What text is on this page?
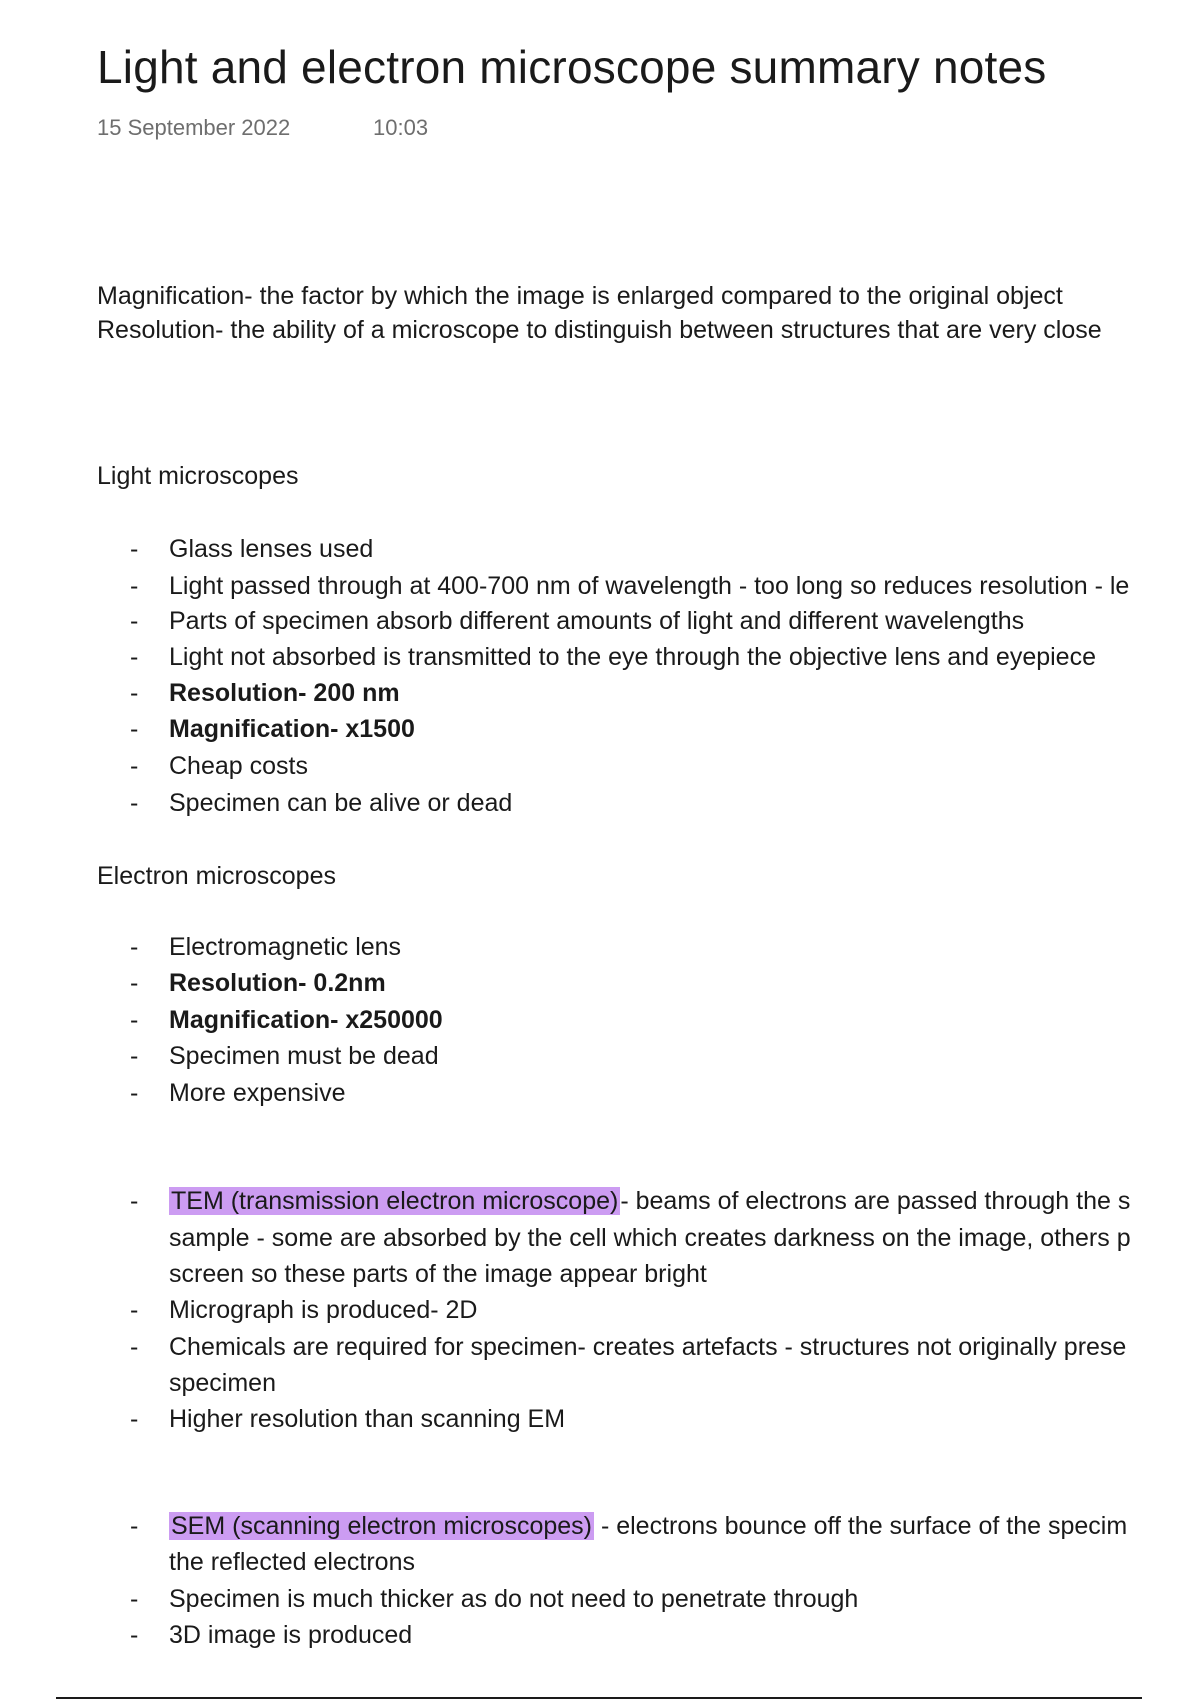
Light and electron microscope summary notes
15 September 2022	10:03
Magnification- the factor by which the image is enlarged compared to the original object
Resolution- the ability of a microscope to distinguish between structures that are very close
Light microscopes
- Glass lenses used
- Light passed through at 400-700 nm of wavelength - too long so reduces resolution - le
- Parts of specimen absorb different amounts of light and different wavelengths
- Light not absorbed is transmitted to the eye through the objective lens and eyepiece
- Resolution- 200 nm
- Magnification- x1500
- Cheap costs
- Specimen can be alive or dead
Electron microscopes
- Electromagnetic lens
- Resolution- 0.2nm
- Magnification- x250000
- Specimen must be dead
- More expensive
- TEM (transmission electron microscope)- beams of electrons are passed through the s
sample - some are absorbed by the cell which creates darkness on the image, others p
screen so these parts of the image appear bright
- Micrograph is produced- 2D
- Chemicals are required for specimen- creates artefacts - structures not originally prese
specimen
- Higher resolution than scanning EM
- SEM (scanning electron microscopes) - electrons bounce off the surface of the specim
the reflected electrons
- Specimen is much thicker as do not need to penetrate through
- 3D image is produced
